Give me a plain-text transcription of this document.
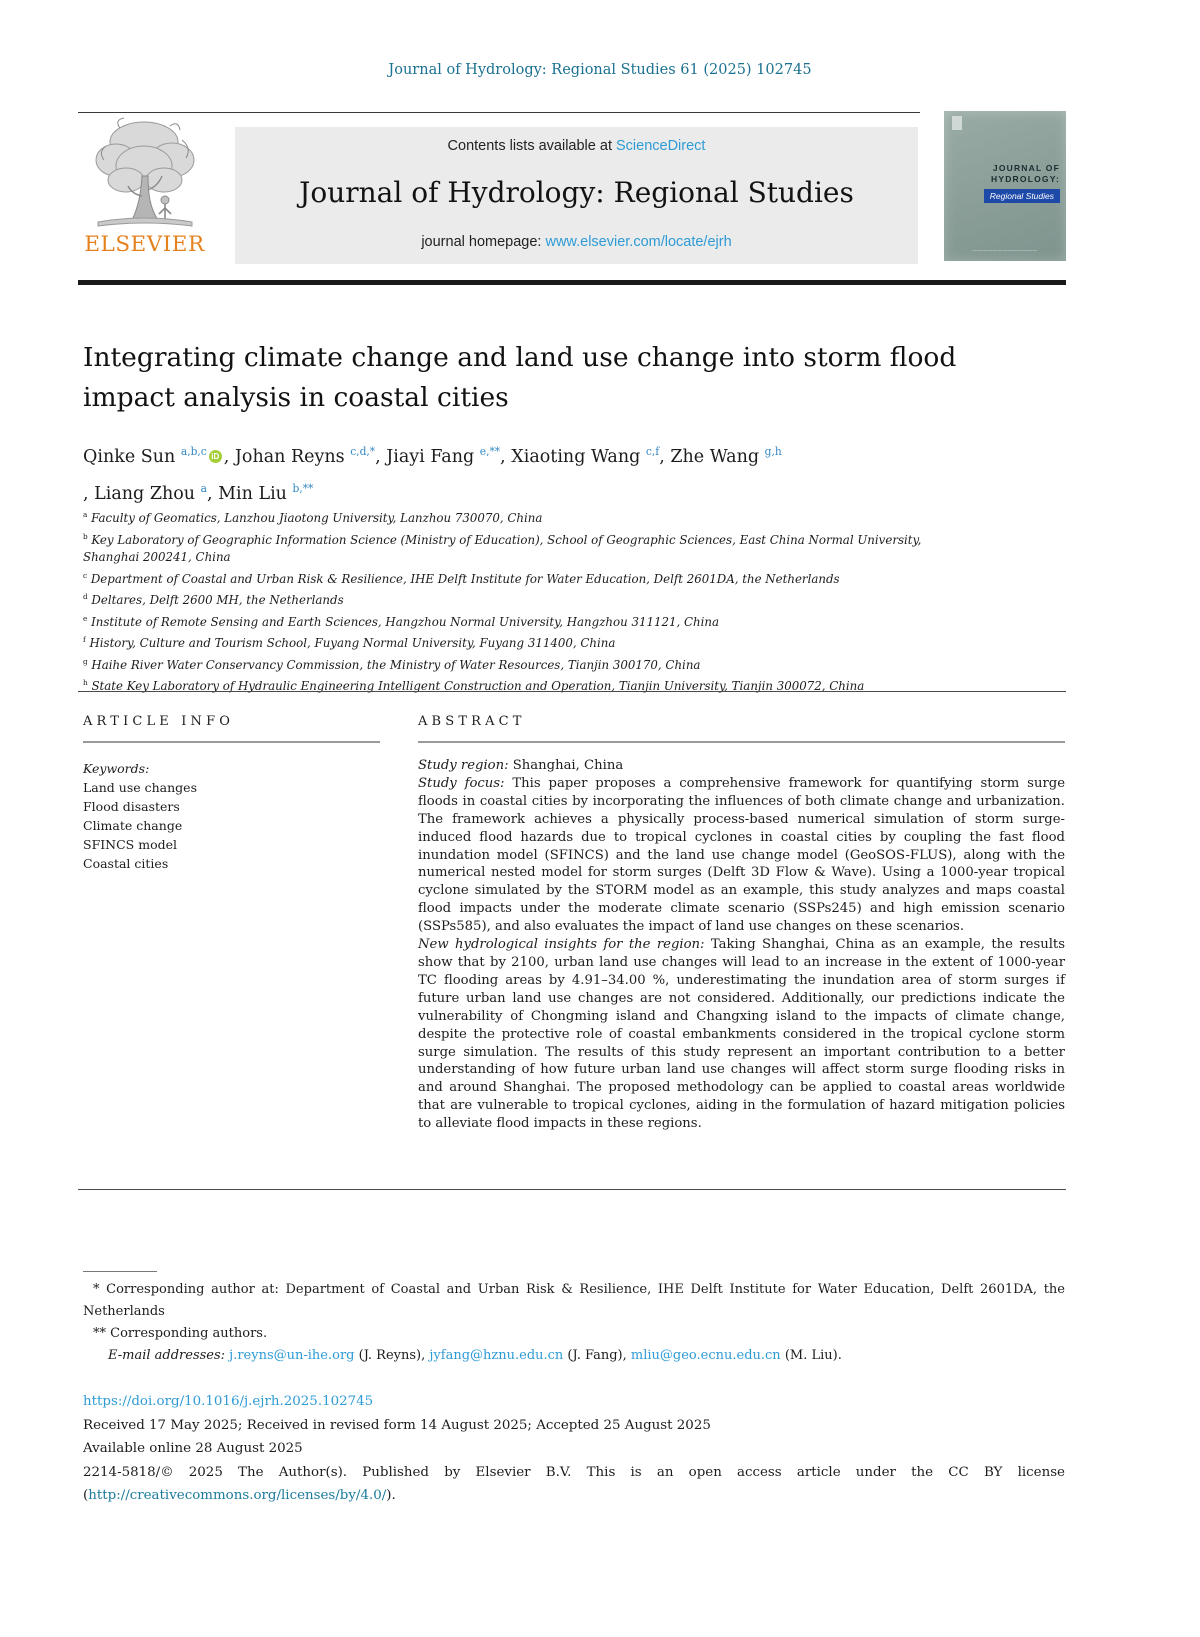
Journal of Hydrology: Regional Studies 61 (2025) 102745
ELSEVIER
Contents lists available at ScienceDirect
Journal of Hydrology: Regional Studies
journal homepage: www.elsevier.com/locate/ejrh
JOURNAL OF
HYDROLOGY:
Regional Studies
—————————————
Integrating climate change and land use change into storm flood impact analysis in coastal cities
Qinke Sun $^{a,b,c}$ iD , Johan Reyns $^{c,d,*}$, Jiayi Fang $^{e,**}$, Xiaoting Wang $^{c,f}$, Zhe Wang $^{g,h}$
, Liang Zhou $^a$, Min Liu $^{b,**}$
$^a$ Faculty of Geomatics, Lanzhou Jiaotong University, Lanzhou 730070, China
$^b$ Key Laboratory of Geographic Information Science (Ministry of Education), School of Geographic Sciences, East China Normal University, Shanghai 200241, China
$^c$ Department of Coastal and Urban Risk & Resilience, IHE Delft Institute for Water Education, Delft 2601DA, the Netherlands
$^d$ Deltares, Delft 2600 MH, the Netherlands
$^e$ Institute of Remote Sensing and Earth Sciences, Hangzhou Normal University, Hangzhou 311121, China
$^f$ History, Culture and Tourism School, Fuyang Normal University, Fuyang 311400, China
$^g$ Haihe River Water Conservancy Commission, the Ministry of Water Resources, Tianjin 300170, China
$^h$ State Key Laboratory of Hydraulic Engineering Intelligent Construction and Operation, Tianjin University, Tianjin 300072, China
ARTICLE INFO
Keywords:
Land use changes
Flood disasters
Climate change
SFINCS model
Coastal cities
ABSTRACT

Study region: Shanghai, China

Study focus: This paper proposes a comprehensive framework for quantifying storm surge floods in coastal cities by incorporating the influences of both climate change and urbanization. The framework achieves a physically process-based numerical simulation of storm surge-induced flood hazards due to tropical cyclones in coastal cities by coupling the fast flood inundation model (SFINCS) and the land use change model (GeoSOS-FLUS), along with the numerical nested model for storm surges (Delft 3D Flow & Wave). Using a 1000-year tropical cyclone simulated by the STORM model as an example, this study analyzes and maps coastal flood impacts under the moderate climate scenario (SSPs245) and high emission scenario (SSPs585), and also evaluates the impact of land use changes on these scenarios.

New hydrological insights for the region: Taking Shanghai, China as an example, the results show that by 2100, urban land use changes will lead to an increase in the extent of 1000-year TC flooding areas by 4.91–34.00 %, underestimating the inundation area of storm surges if future urban land use changes are not considered. Additionally, our predictions indicate the vulnerability of Chongming island and Changxing island to the impacts of climate change, despite the protective role of coastal embankments considered in the tropical cyclone storm surge simulation. The results of this study represent an important contribution to a better understanding of how future urban land use changes will affect storm surge flooding risks in and around Shanghai. The proposed methodology can be applied to coastal areas worldwide that are vulnerable to tropical cyclones, aiding in the formulation of hazard mitigation policies to alleviate flood impacts in these regions.

* Corresponding author at: Department of Coastal and Urban Risk & Resilience, IHE Delft Institute for Water Education, Delft 2601DA, the
Netherlands
** Corresponding authors.
E-mail addresses: j.reyns@un-ihe.org (J. Reyns), jyfang@hznu.edu.cn (J. Fang), mliu@geo.ecnu.edu.cn (M. Liu).
https://doi.org/10.1016/j.ejrh.2025.102745
Received 17 May 2025; Received in revised form 14 August 2025; Accepted 25 August 2025
Available online 28 August 2025
2214-5818/© 2025 The Author(s). Published by Elsevier B.V. This is an open access article under the CC BY license
(http://creativecommons.org/licenses/by/4.0/).
